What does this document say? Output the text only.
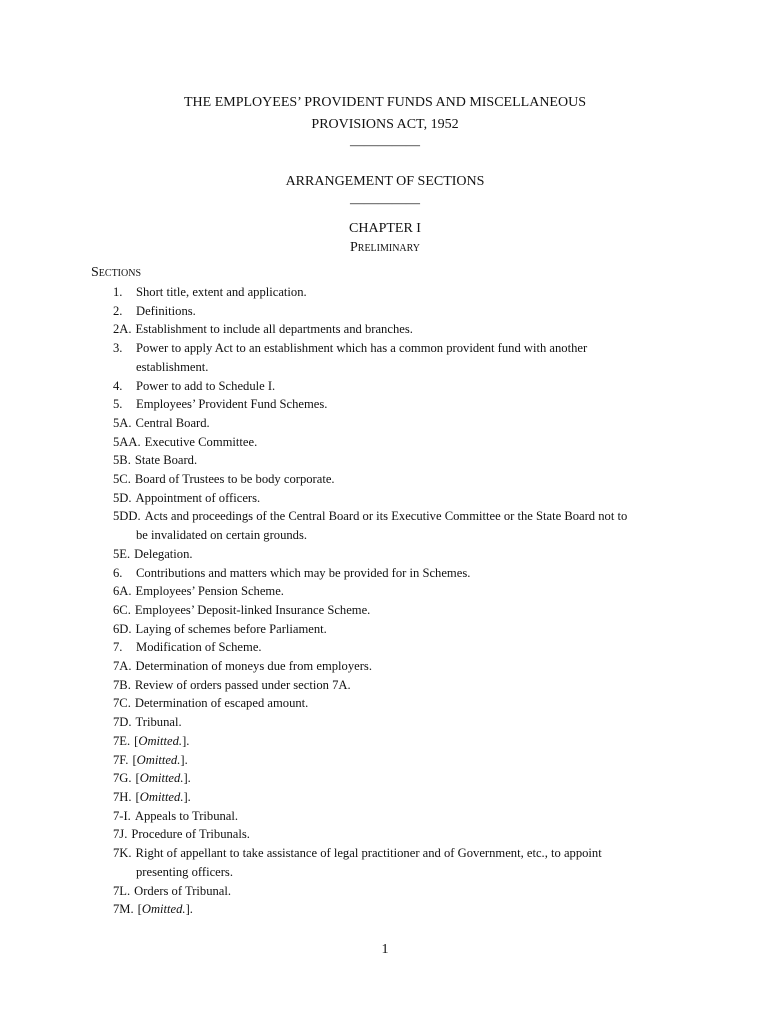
THE EMPLOYEES’ PROVIDENT FUNDS AND MISCELLANEOUS
PROVISIONS ACT, 1952
—————
ARRANGEMENT OF SECTIONS
—————
CHAPTER I
Preliminary
Sections
1. Short title, extent and application.
2. Definitions.
2A. Establishment to include all departments and branches.
3. Power to apply Act to an establishment which has a common provident fund with another
establishment.
4. Power to add to Schedule I.
5. Employees’ Provident Fund Schemes.
5A. Central Board.
5AA. Executive Committee.
5B. State Board.
5C. Board of Trustees to be body corporate.
5D. Appointment of officers.
5DD. Acts and proceedings of the Central Board or its Executive Committee or the State Board not to
be invalidated on certain grounds.
5E. Delegation.
6. Contributions and matters which may be provided for in Schemes.
6A. Employees’ Pension Scheme.
6C. Employees’ Deposit-linked Insurance Scheme.
6D. Laying of schemes before Parliament.
7. Modification of Scheme.
7A. Determination of moneys due from employers.
7B. Review of orders passed under section 7A.
7C. Determination of escaped amount.
7D. Tribunal.
7E. [Omitted.].
7F. [Omitted.].
7G. [Omitted.].
7H. [Omitted.].
7-I. Appeals to Tribunal.
7J. Procedure of Tribunals.
7K. Right of appellant to take assistance of legal practitioner and of Government, etc., to appoint
presenting officers.
7L. Orders of Tribunal.
7M. [Omitted.].
1
